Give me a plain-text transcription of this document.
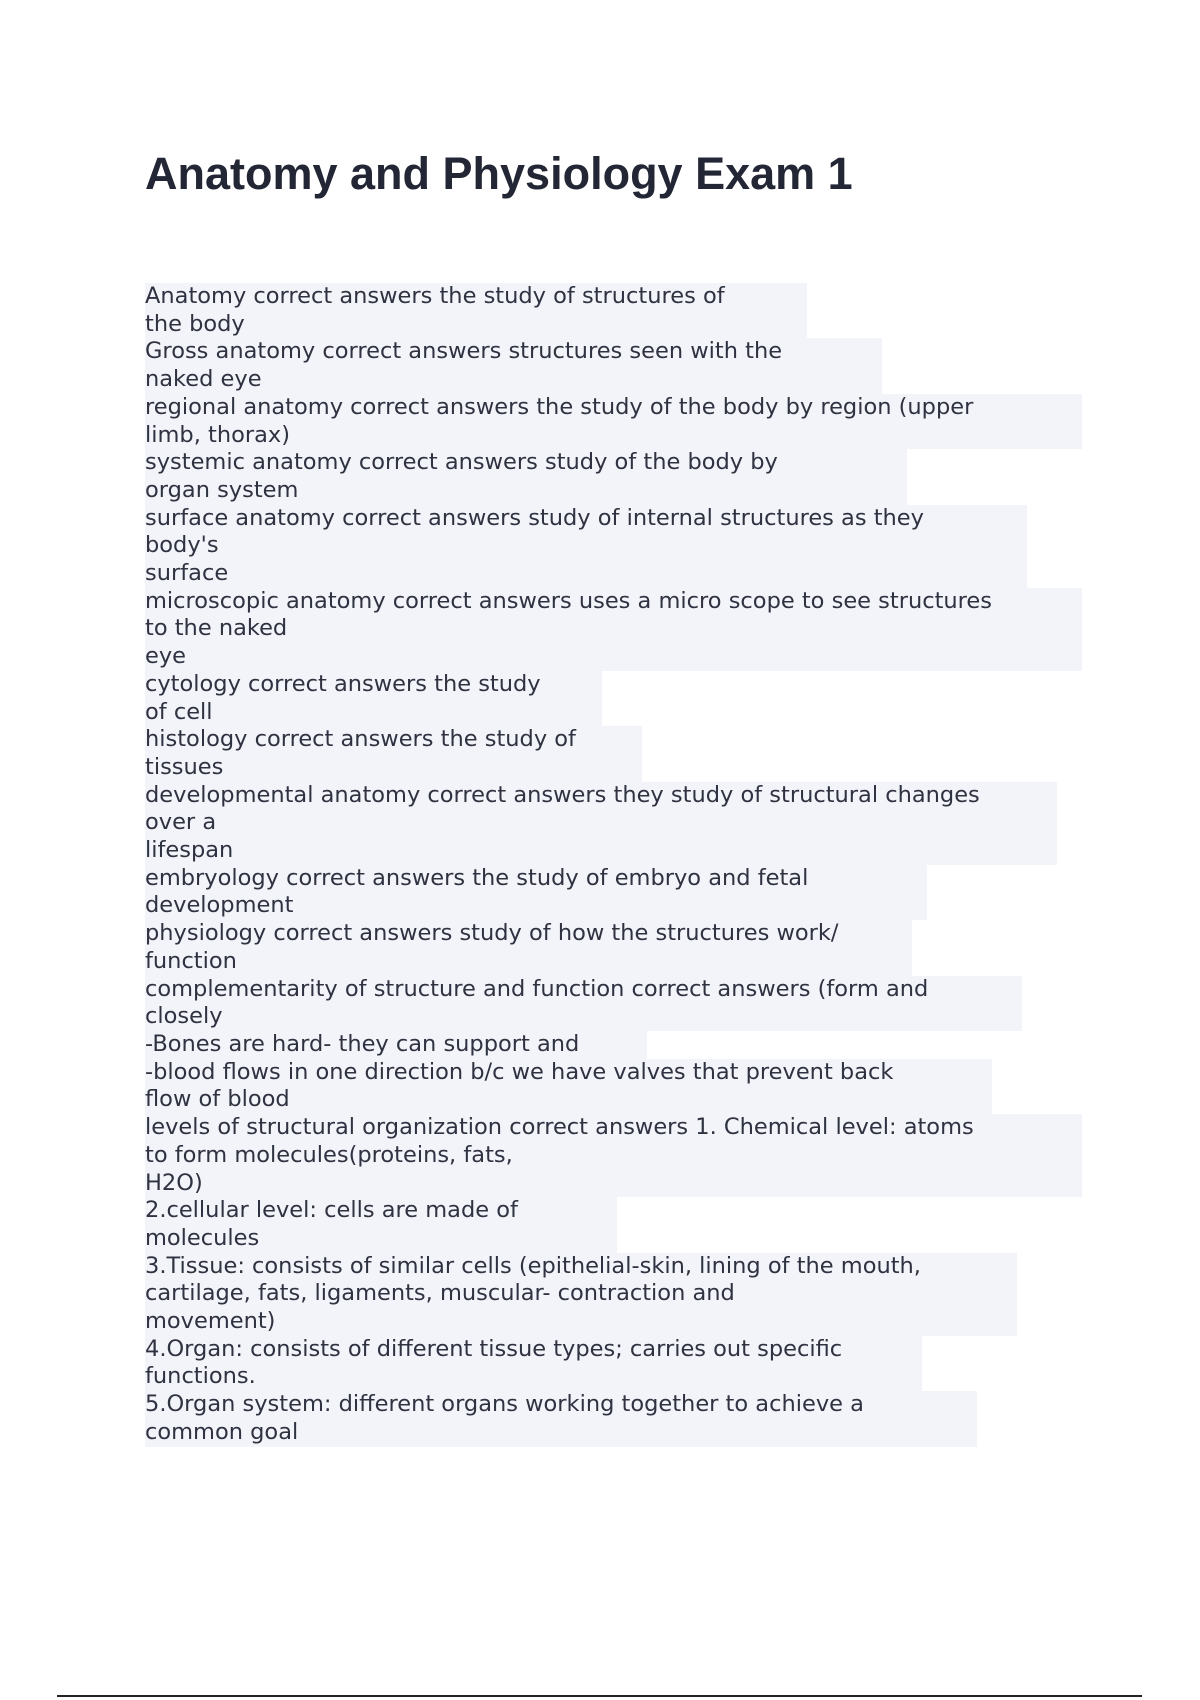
Anatomy and Physiology Exam 1
Anatomy correct answers the study of structures of
the body
Gross anatomy correct answers structures seen with the
naked eye
regional anatomy correct answers the study of the body by region (upper
limb, thorax)
systemic anatomy correct answers study of the body by
organ system
surface anatomy correct answers study of internal structures as they
body's
surface
microscopic anatomy correct answers uses a micro scope to see structures
to the naked
eye
cytology correct answers the study
of cell
histology correct answers the study of
tissues
developmental anatomy correct answers they study of structural changes
over a
lifespan
embryology correct answers the study of embryo and fetal
development
physiology correct answers study of how the structures work/
function
complementarity of structure and function correct answers (form and
closely
-Bones are hard- they can support and
-blood flows in one direction b/c we have valves that prevent back
flow of blood
levels of structural organization correct answers 1. Chemical level: atoms
to form molecules(proteins, fats,
H2O)
2.cellular level: cells are made of
molecules
3.Tissue: consists of similar cells (epithelial-skin, lining of the mouth,
cartilage, fats, ligaments, muscular- contraction and
movement)
4.Organ: consists of different tissue types; carries out specific
functions.
5.Organ system: different organs working together to achieve a
common goal
